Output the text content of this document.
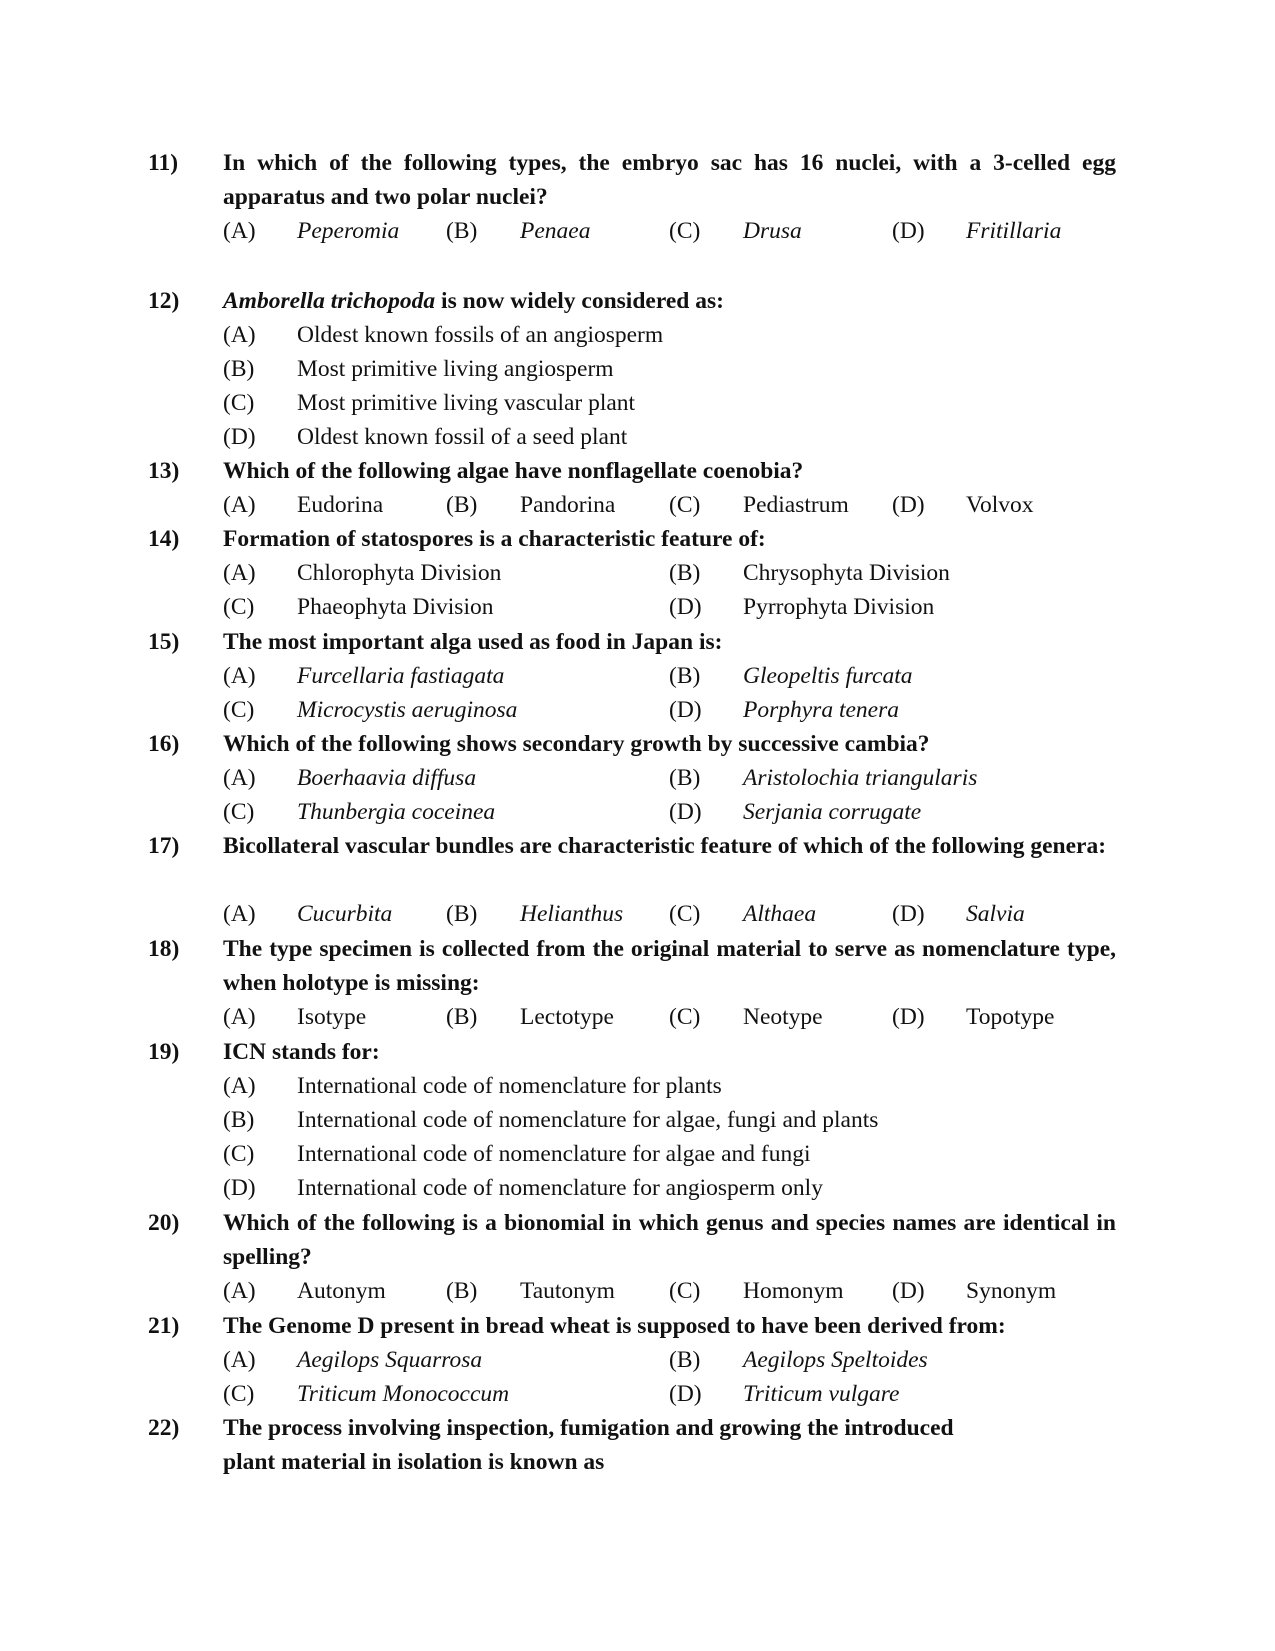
11) In which of the following types, the embryo sac has 16 nuclei, with a 3-celled egg apparatus and two polar nuclei?
(A) Peperomia (B) Penaea	(C) Drusa	(D) Fritillaria
12) Amborella trichopoda is now widely considered as:
(A) Oldest known fossils of an angiosperm
(B) Most primitive living angiosperm
(C) Most primitive living vascular plant
(D) Oldest known fossil of a seed plant
13) Which of the following algae have nonflagellate coenobia?
(A) Eudorina	(B) Pandorina (C) Pediastrum (D) Volvox
14) Formation of statospores is a characteristic feature of:
(A) Chlorophyta Division	(B) Chrysophyta Division
(C) Phaeophyta Division	(D) Pyrrophyta Division
15) The most important alga used as food in Japan is:
(A) Furcellaria fastiagata	(B) Gleopeltis furcata
(C) Microcystis aeruginosa	(D) Porphyra tenera
16) Which of the following shows secondary growth by successive cambia?
(A) Boerhaavia diffusa	(B) Aristolochia triangularis
(C) Thunbergia coceinea	(D) Serjania corrugate
17) Bicollateral vascular bundles are characteristic feature of which of the following genera:
(A) Cucurbita (B) Helianthus (C) Althaea	(D) Salvia
18) The type specimen is collected from the original material to serve as nomenclature type, when holotype is missing:
(A) Isotype	(B) Lectotype (C) Neotype	(D) Topotype
19) ICN stands for:
(A) International code of nomenclature for plants
(B) International code of nomenclature for algae, fungi and plants
(C) International code of nomenclature for algae and fungi
(D) International code of nomenclature for angiosperm only
20) Which of the following is a bionomial in which genus and species names are identical in spelling?
(A) Autonym	(B) Tautonym (C) Homonym (D) Synonym
21) The Genome D present in bread wheat is supposed to have been derived from:
(A) Aegilops Squarrosa	(B) Aegilops Speltoides
(C) Triticum Monococcum	(D) Triticum vulgare
22) The process involving inspection, fumigation and growing the introduced
plant material in isolation is known as
